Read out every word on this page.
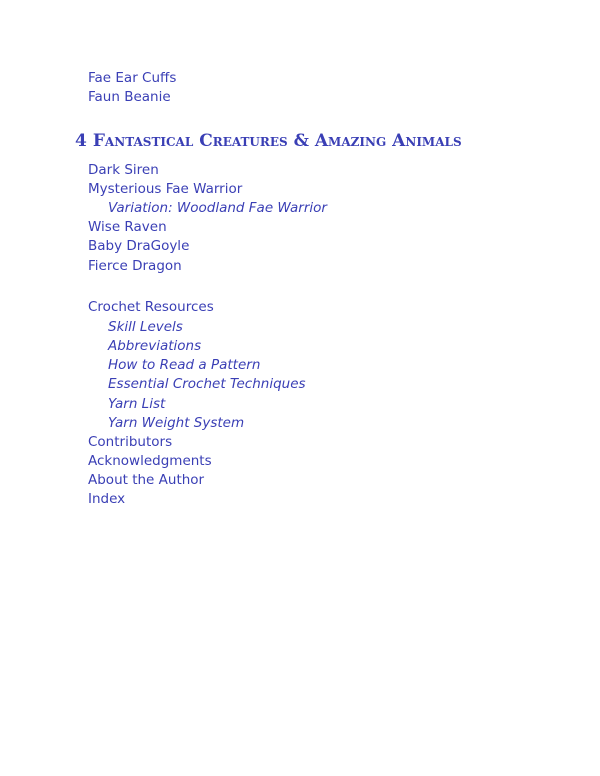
Fae Ear Cuffs
Faun Beanie
4 Fantastical Creatures & Amazing Animals
Dark Siren
Mysterious Fae Warrior
Variation: Woodland Fae Warrior
Wise Raven
Baby DraGoyle
Fierce Dragon
Crochet Resources
Skill Levels
Abbreviations
How to Read a Pattern
Essential Crochet Techniques
Yarn List
Yarn Weight System
Contributors
Acknowledgments
About the Author
Index
